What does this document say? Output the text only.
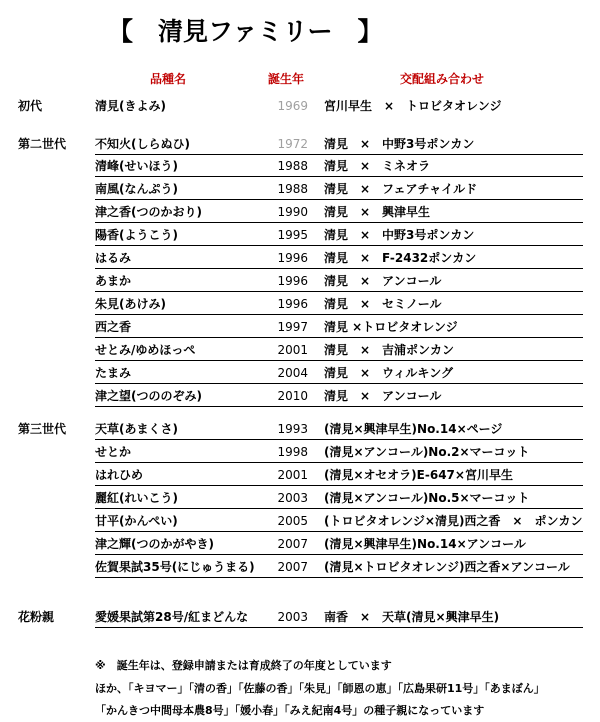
【　清見ファミリー　】
品種名	誕生年	交配組み合わせ
初代	清見(きよみ)	1969 宮川早生　×　トロビタオレンジ
第二世代 不知火(しらぬひ)	1972 清見　×　中野3号ポンカン
清峰(せいほう)	1988 清見　×　ミネオラ
南風(なんぷう)	1988 清見　×　フェアチャイルド
津之香(つのかおり)	1990 清見　×　興津早生
陽香(ようこう)	1995 清見　×　中野3号ポンカン
はるみ	1996 清見　×　F-2432ポンカン
あまか	1996 清見　×　アンコール
朱見(あけみ)	1996 清見　×　セミノール
西之香	1997 清見 ×トロビタオレンジ
せとみ/ゆめほっぺ	2001 清見　×　吉浦ポンカン
たまみ	2004 清見　×　ウィルキング
津之望(つののぞみ)	2010 清見　×　アンコール
第三世代 天草(あまくさ)	1993 (清見×興津早生)No.14×ページ
せとか	1998 (清見×アンコール)No.2×マーコット
はれひめ	2001 (清見×オセオラ)E-647×宮川早生
麗紅(れいこう)	2003 (清見×アンコール)No.5×マーコット
甘平(かんぺい)	2005 (トロビタオレンジ×清見)西之香　×　ポンカン
津之輝(つのかがやき)	2007 (清見×興津早生)No.14×アンコール
佐賀果試35号(にじゅうまる)	2007 (清見×トロビタオレンジ)西之香×アンコール
花粉親	愛媛果試第28号/紅まどんな	2003 南香　×　天草(清見×興津早生)
※　誕生年は、登録申請または育成終了の年度としています
ほか、「キヨマー」「清の香」「佐藤の香」「朱見」「師恩の恵」「広島果研11号」「あまぼん」
「かんきつ中間母本農8号」「媛小春」「みえ紀南4号」の種子親になっています
